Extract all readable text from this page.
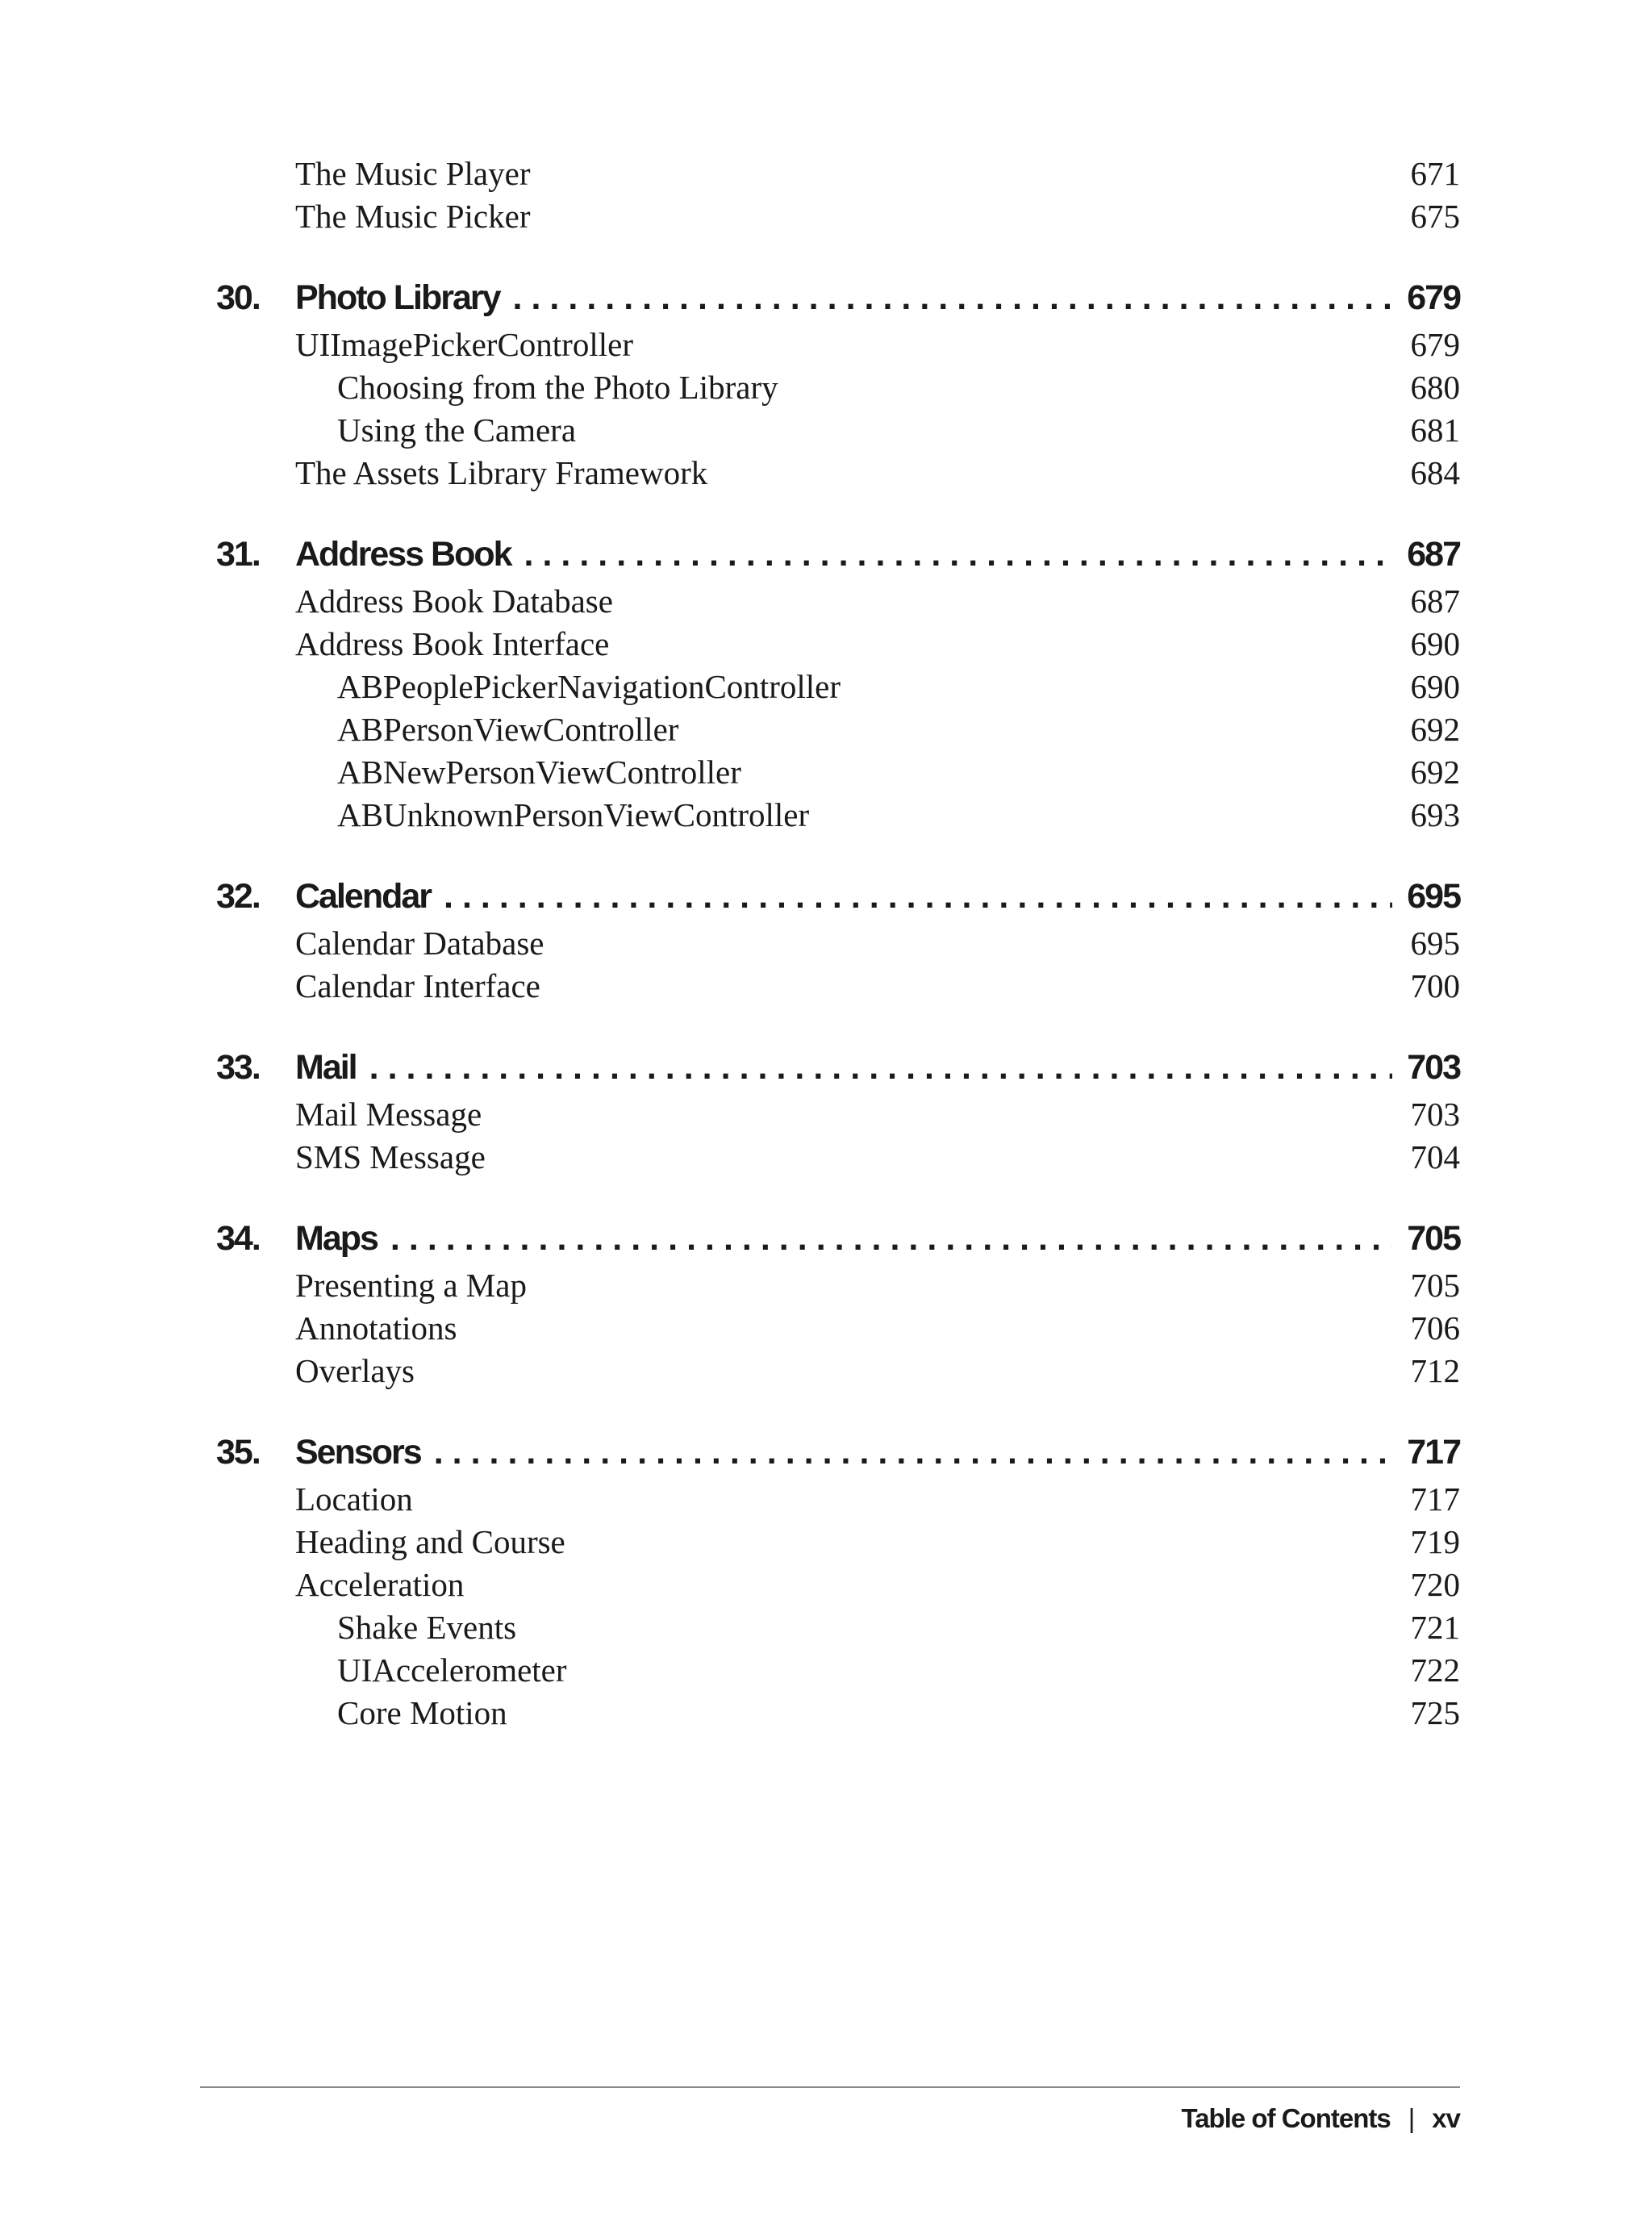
The Music Player	671
The Music Picker	675
30.	Photo Library .....	679
UIImagePickerController	679
Choosing from the Photo Library	680
Using the Camera	681
The Assets Library Framework	684
31.	Address Book .....	687
Address Book Database	687
Address Book Interface	690
ABPeoplePickerNavigationController	690
ABPersonViewController	692
ABNewPersonViewController	692
ABUnknownPersonViewController	693
32.	Calendar .....	695
Calendar Database	695
Calendar Interface	700
33.	Mail .....	703
Mail Message	703
SMS Message	704
34.	Maps .....	705
Presenting a Map	705
Annotations	706
Overlays	712
35.	Sensors .....	717
Location	717
Heading and Course	719
Acceleration	720
Shake Events	721
UIAccelerometer	722
Core Motion	725
Table of Contents | xv
